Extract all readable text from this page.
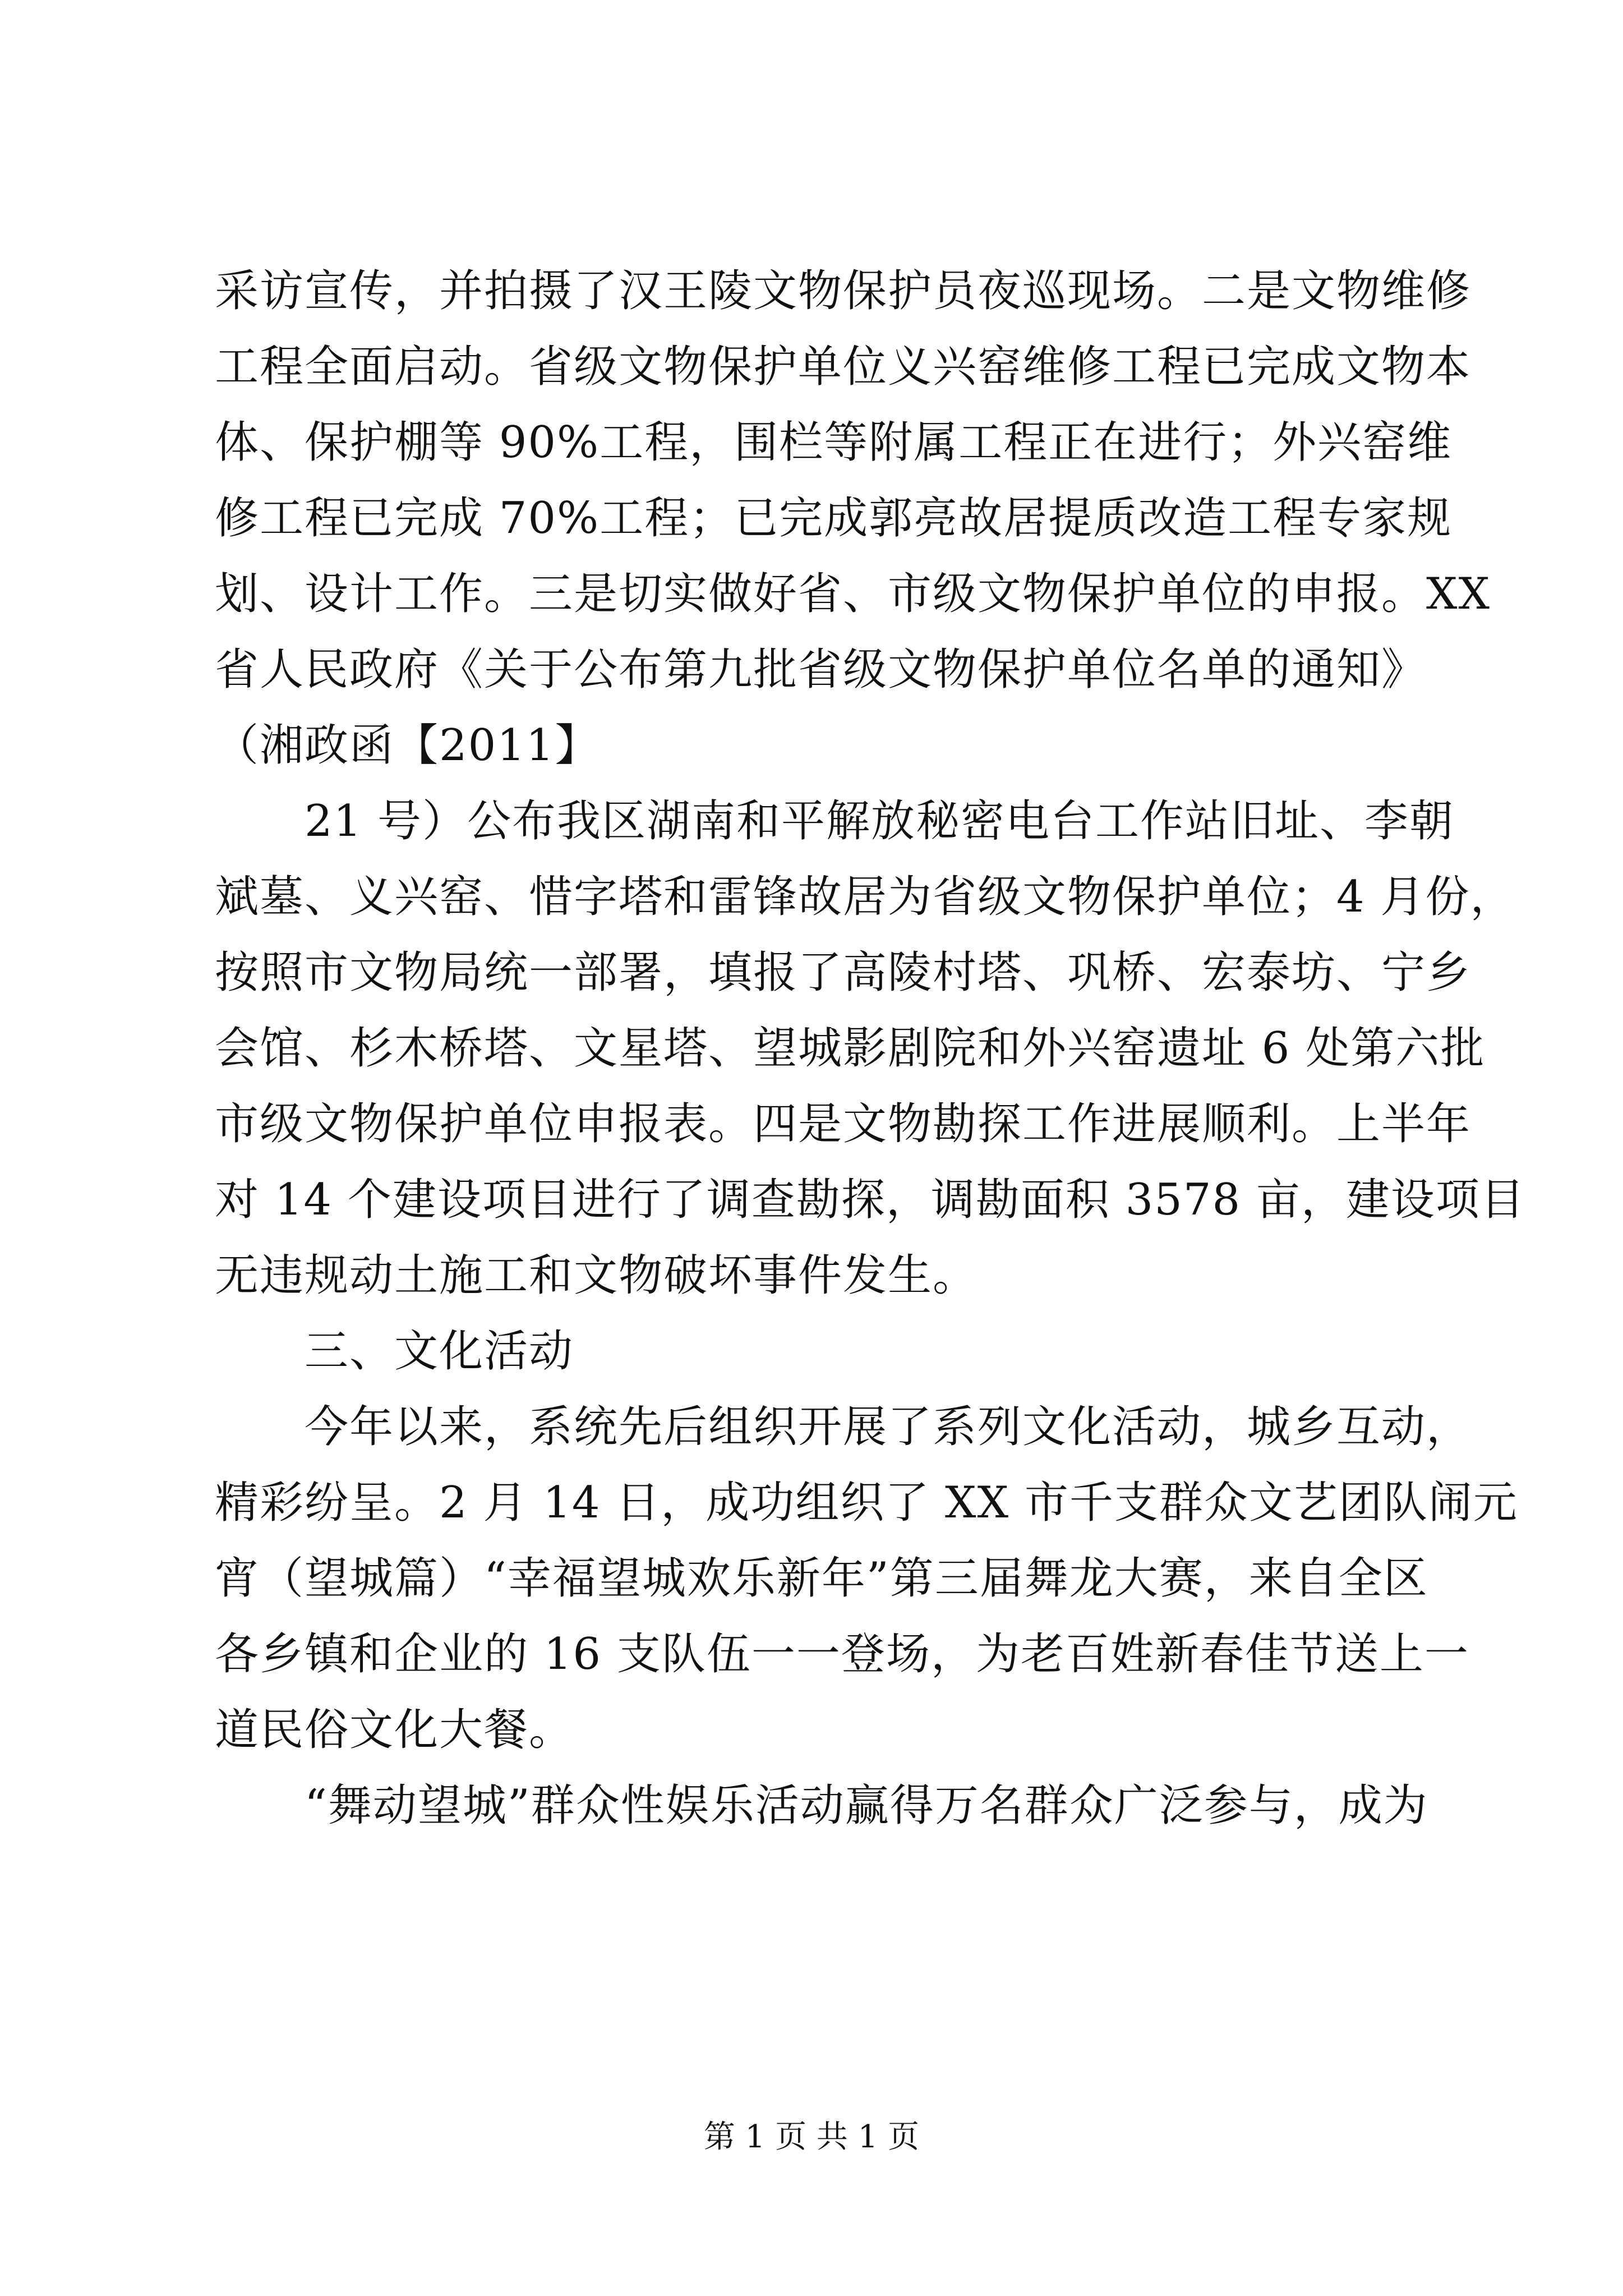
采访宣传，并拍摄了汉王陵文物保护员夜巡现场。二是文物维修
工程全面启动。省级文物保护单位义兴窑维修工程已完成文物本
体、保护棚等 90%工程，围栏等附属工程正在进行；外兴窑维
修工程已完成 70%工程；已完成郭亮故居提质改造工程专家规
划、设计工作。三是切实做好省、市级文物保护单位的申报。XX
省人民政府《关于公布第九批省级文物保护单位名单的通知》
（湘政函【2011】
21 号）公布我区湖南和平解放秘密电台工作站旧址、李朝
斌墓、义兴窑、惜字塔和雷锋故居为省级文物保护单位；4 月份，
按照市文物局统一部署，填报了高陵村塔、巩桥、宏泰坊、宁乡
会馆、杉木桥塔、文星塔、望城影剧院和外兴窑遗址 6 处第六批
市级文物保护单位申报表。四是文物勘探工作进展顺利。上半年
对 14 个建设项目进行了调查勘探，调勘面积 3578 亩，建设项目
无违规动土施工和文物破坏事件发生。
三、文化活动
今年以来，系统先后组织开展了系列文化活动，城乡互动，
精彩纷呈。2 月 14 日，成功组织了 XX 市千支群众文艺团队闹元
宵（望城篇）“幸福望城欢乐新年”第三届舞龙大赛，来自全区
各乡镇和企业的 16 支队伍一一登场，为老百姓新春佳节送上一
道民俗文化大餐。
“舞动望城”群众性娱乐活动赢得万名群众广泛参与，成为
第 1 页 共 1 页
